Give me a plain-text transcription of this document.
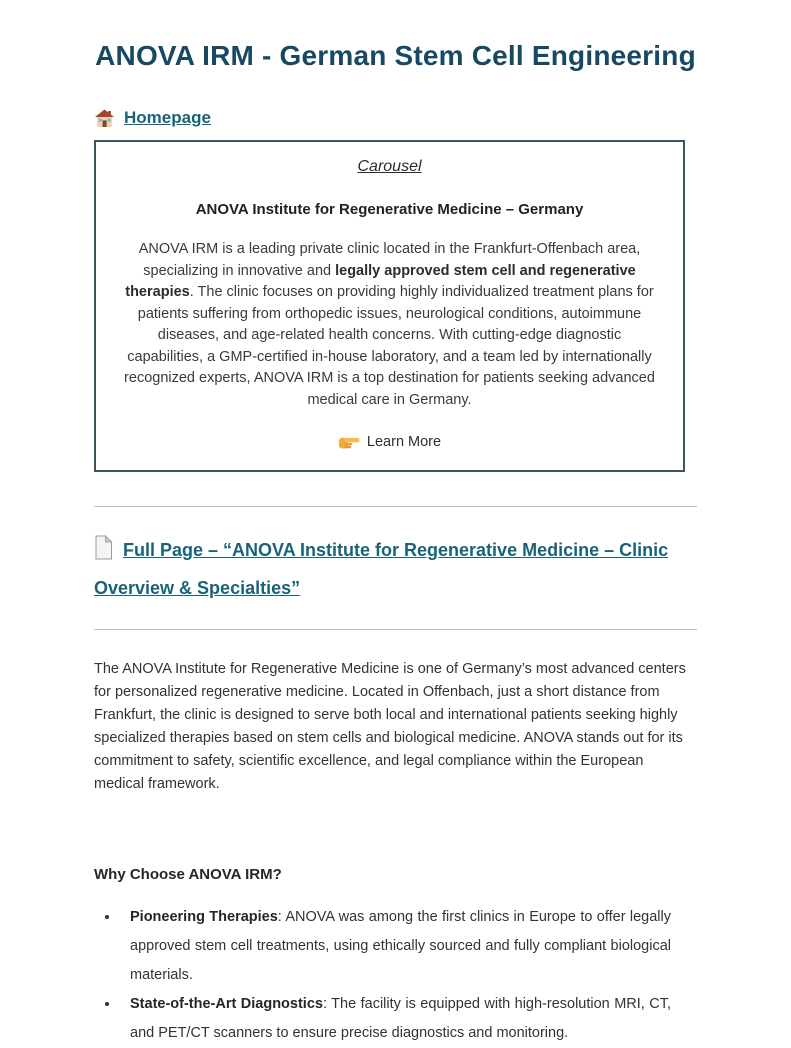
ANOVA IRM - German Stem Cell Engineering
Homepage
Carousel
ANOVA Institute for Regenerative Medicine – Germany
ANOVA IRM is a leading private clinic located in the Frankfurt-Offenbach area, specializing in innovative and legally approved stem cell and regenerative therapies. The clinic focuses on providing highly individualized treatment plans for patients suffering from orthopedic issues, neurological conditions, autoimmune diseases, and age-related health concerns. With cutting-edge diagnostic capabilities, a GMP-certified in-house laboratory, and a team led by internationally recognized experts, ANOVA IRM is a top destination for patients seeking advanced medical care in Germany.
Learn More
Full Page – “ANOVA Institute for Regenerative Medicine – Clinic Overview & Specialties”

The ANOVA Institute for Regenerative Medicine is one of Germany’s most advanced centers for personalized regenerative medicine. Located in Offenbach, just a short distance from Frankfurt, the clinic is designed to serve both local and international patients seeking highly specialized therapies based on stem cells and biological medicine. ANOVA stands out for its commitment to safety, scientific excellence, and legal compliance within the European medical framework.

Why Choose ANOVA IRM?
• Pioneering Therapies: ANOVA was among the first clinics in Europe to offer legally approved stem cell treatments, using ethically sourced and fully compliant biological materials.
• State-of-the-Art Diagnostics: The facility is equipped with high-resolution MRI, CT, and PET/CT scanners to ensure precise diagnostics and monitoring.
